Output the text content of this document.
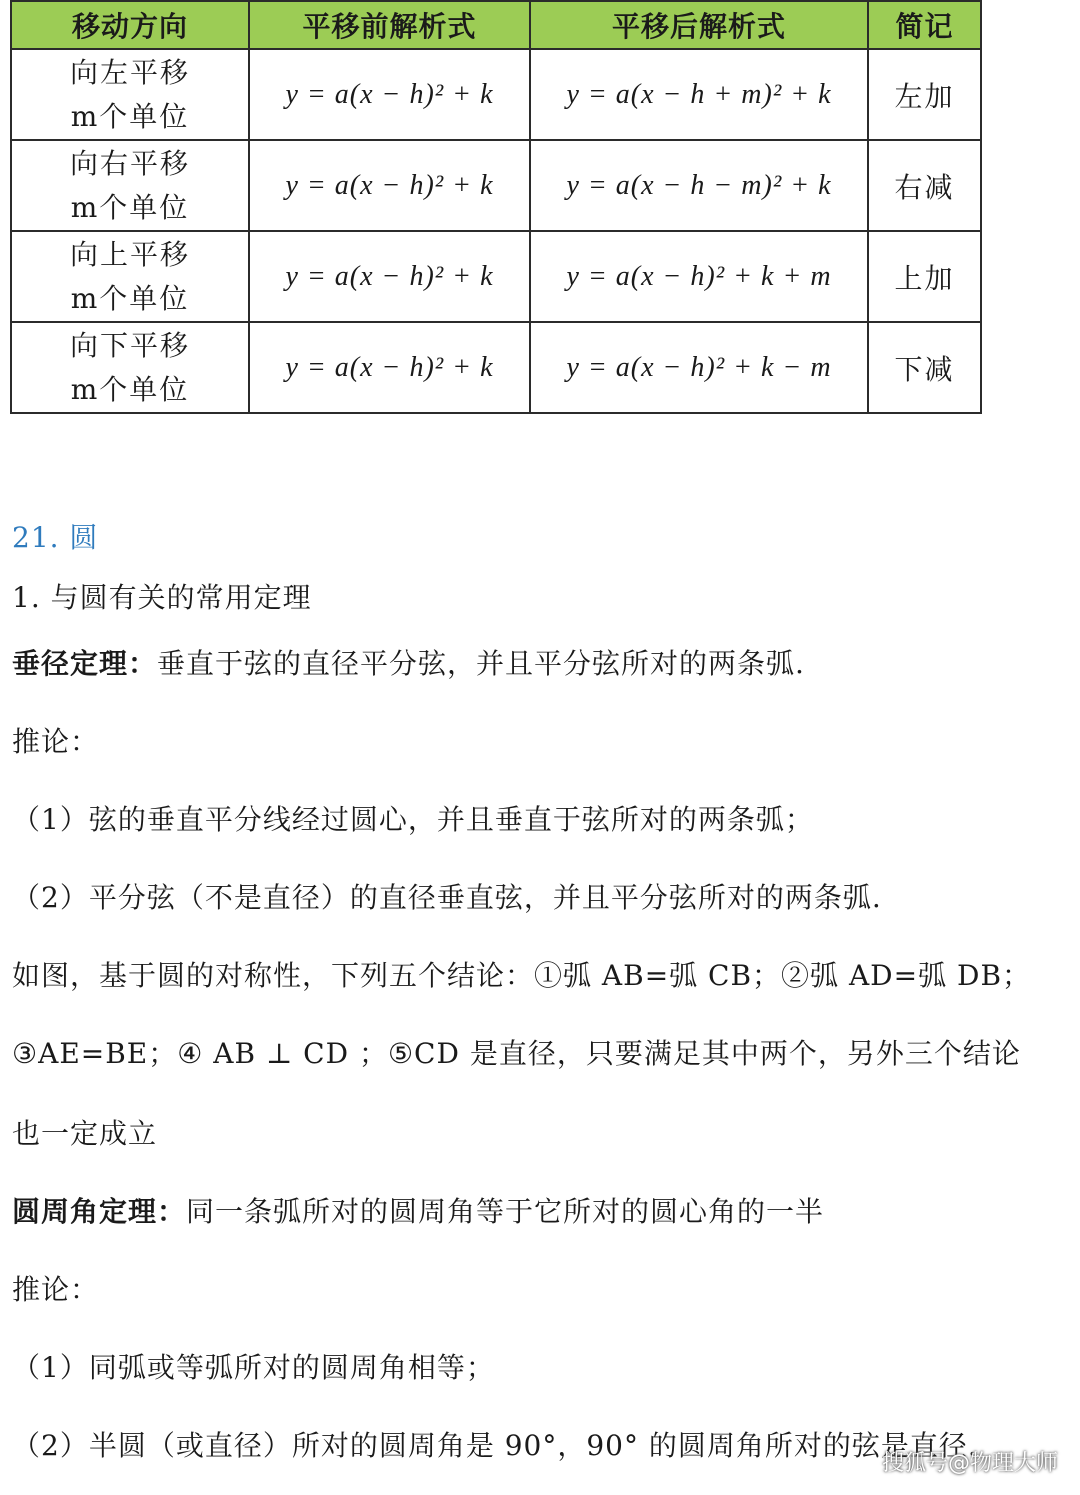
移动方向	平移前解析式	平移后解析式	简记

向左平移
m个单位	y = a(x − h)² + k	y = a(x − h + m)² + k	左加

向右平移
m个单位	y = a(x − h)² + k	y = a(x − h − m)² + k	右减

向上平移
m个单位	y = a(x − h)² + k	y = a(x − h)² + k + m	上加

向下平移
m个单位	y = a(x − h)² + k	y = a(x − h)² + k − m	下减
21. 圆
1. 与圆有关的常用定理
垂径定理：垂直于弦的直径平分弦，并且平分弦所对的两条弧.
推论：
（1）弦的垂直平分线经过圆心，并且垂直于弦所对的两条弧；
（2）平分弦（不是直径）的直径垂直弦，并且平分弦所对的两条弧.
如图，基于圆的对称性，下列五个结论：①弧 AB=弧 CB；②弧 AD=弧 DB；
③AE=BE；④ AB ⊥ CD ；⑤CD 是直径，只要满足其中两个，另外三个结论
也一定成立
圆周角定理：同一条弧所对的圆周角等于它所对的圆心角的一半
推论：
（1）同弧或等弧所对的圆周角相等；
（2）半圆（或直径）所对的圆周角是 90°，90° 的圆周角所对的弦是直径.
搜狐号@物理大师
